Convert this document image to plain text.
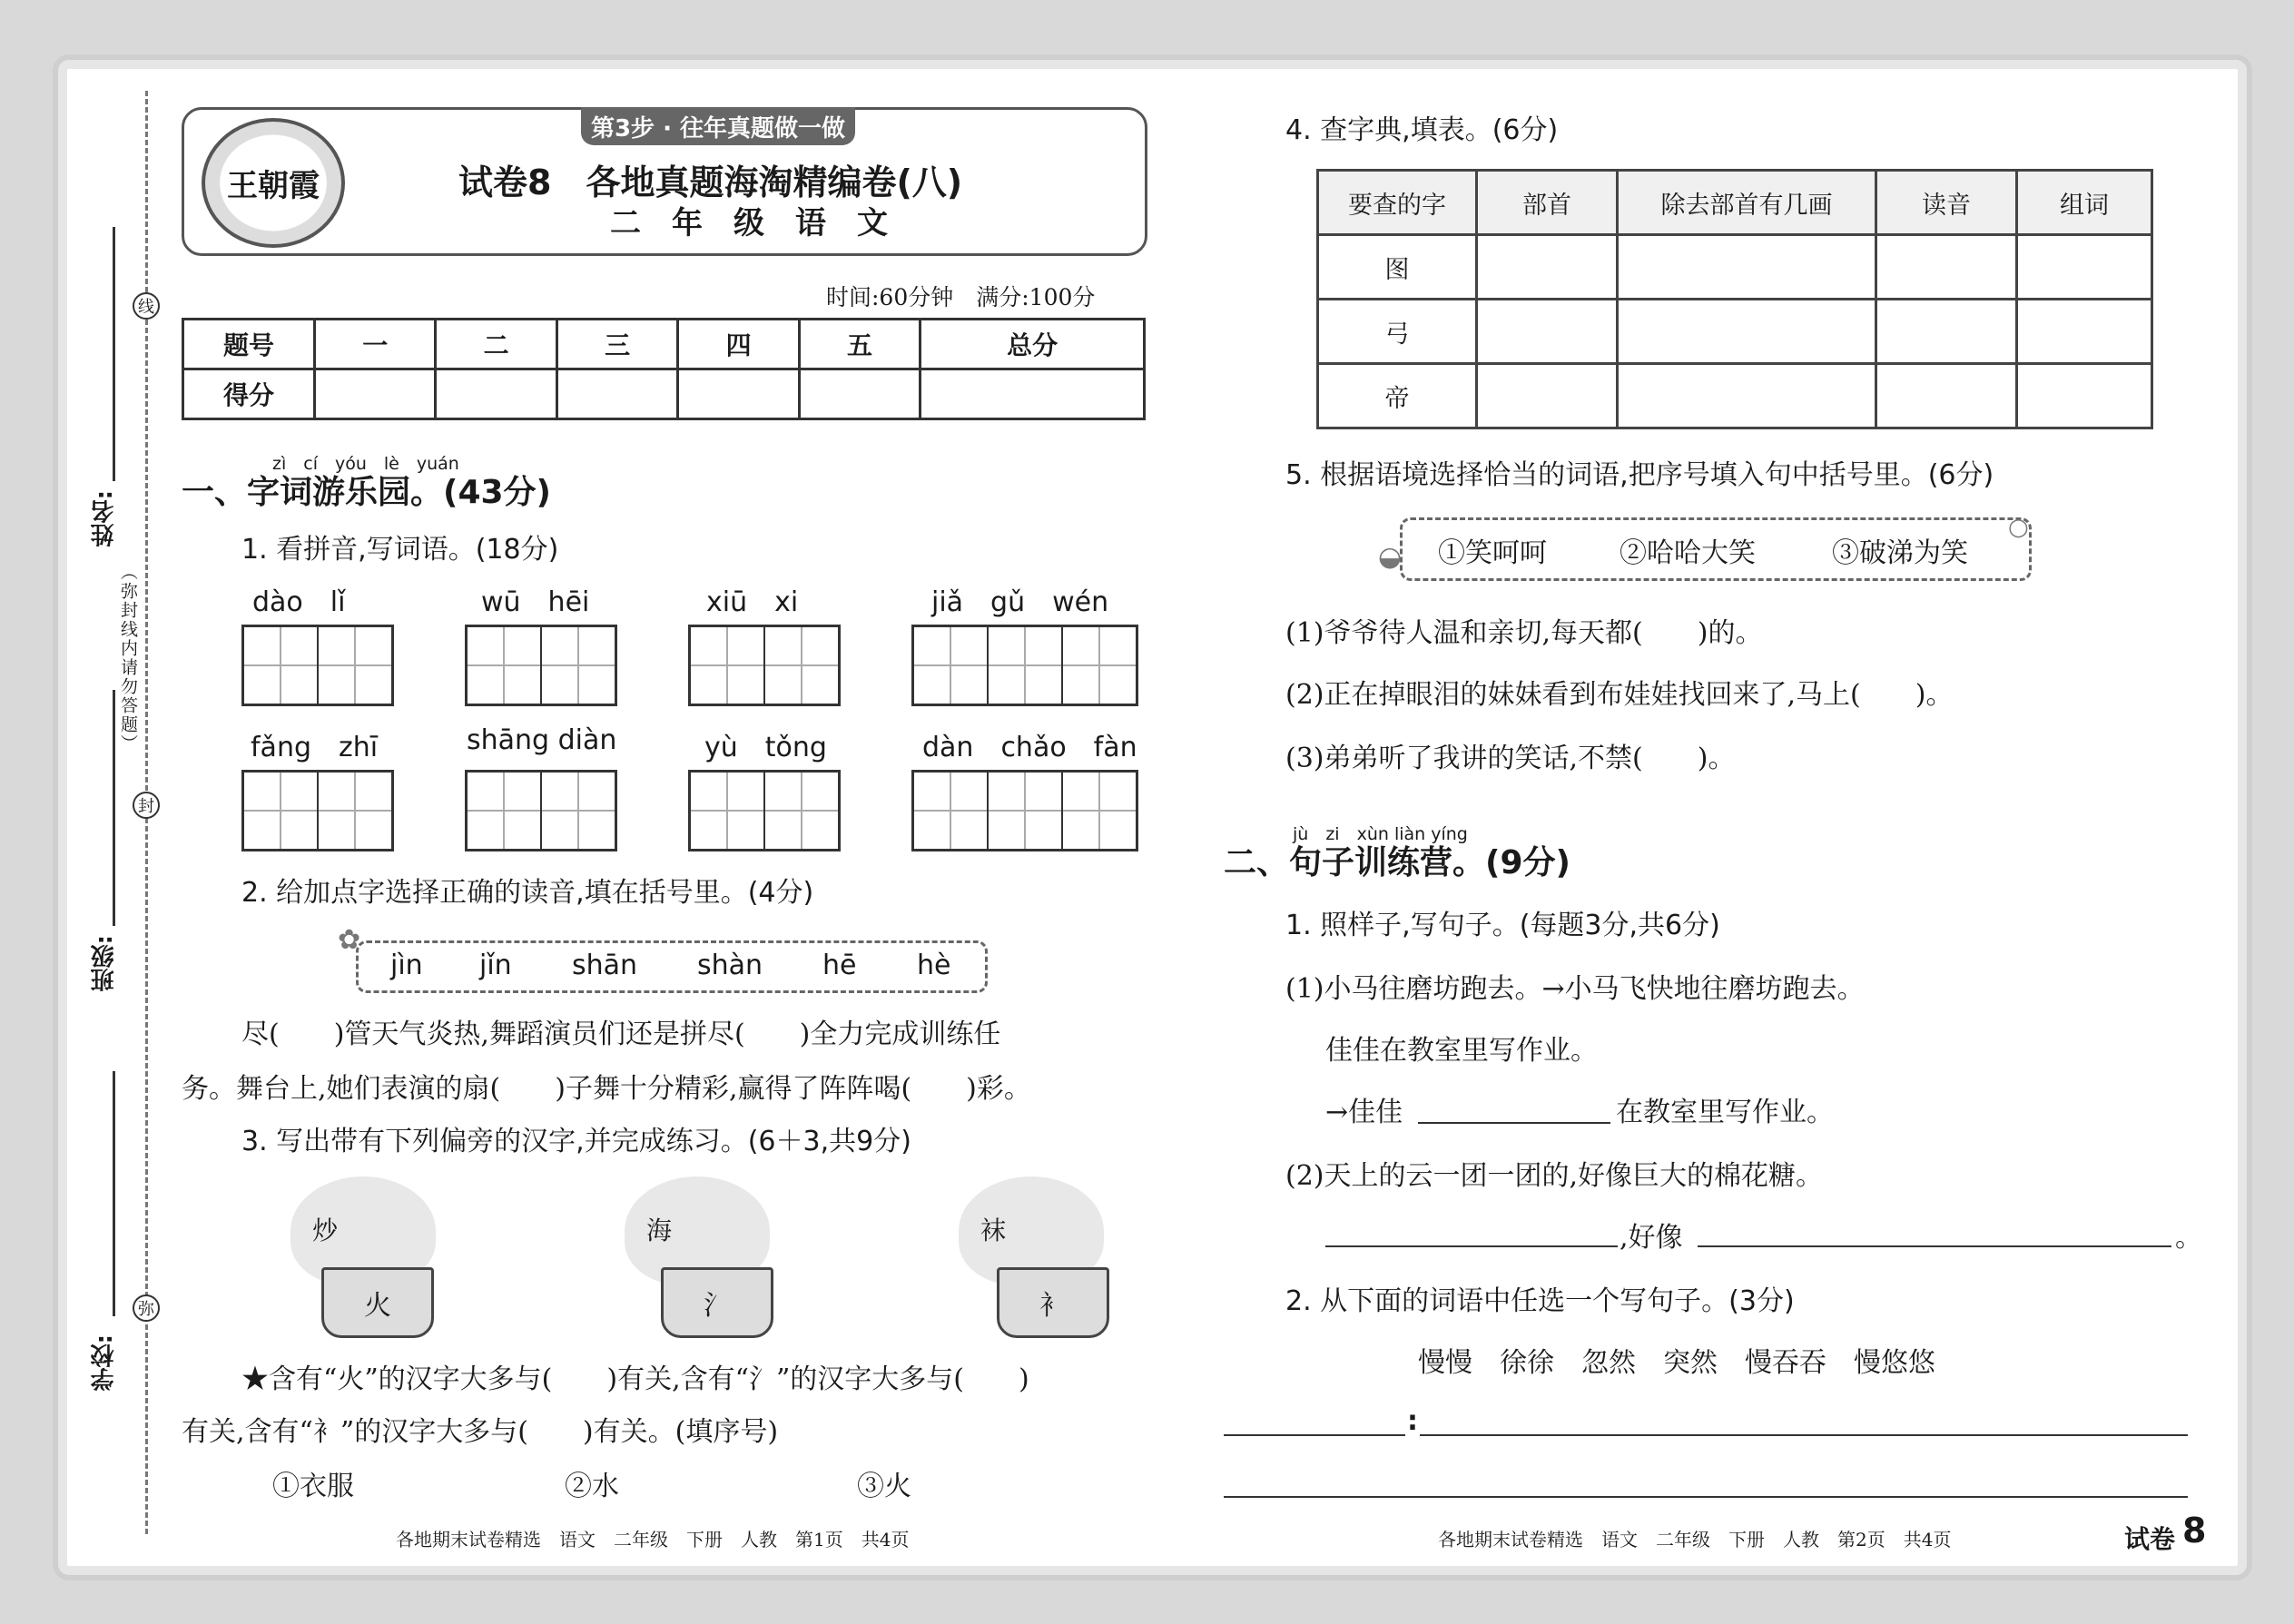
线
封
弥
（弥封线内请勿答题）
姓名:
班级:
学校:
第3步 · 往年真题做一做
王朝霞	试卷8　各地真题海淘精编卷(八)
二　年　级　语　文
时间:60分钟　满分:100分
题号	一	二	三	四	五	总分
得分						
zì　cí　yóu　lè　yuán
一、字词游乐园。(43分)
1. 看拼音,写词语。(18分)
dào　lǐ	wū　hēi	xiū　xi	jiǎ　gǔ　wén
fǎng　zhī	shāng diàn	yù　tǒng	dàn　chǎo　fàn
2. 给加点字选择正确的读音,填在括号里。(4分)
✿
jìn jǐn shān shàn hē hè
尽(　　)管天气炎热,舞蹈演员们还是拼尽(　　)全力完成训练任
务。舞台上,她们表演的扇(　　)子舞十分精彩,赢得了阵阵喝(　　)彩。
3. 写出带有下列偏旁的汉字,并完成练习。(6＋3,共9分)
炒
火
海
氵
袜
衤
★含有“火”的汉字大多与(　　)有关,含有“氵”的汉字大多与(　　)
有关,含有“衤”的汉字大多与(　　)有关。(填序号)
①衣服	②水	③火
各地期末试卷精选　语文　二年级　下册　人教　第1页　共4页
4. 查字典,填表。(6分)
要查的字	部首	除去部首有几画	读音	组词
图				
弓				
帝				
5. 根据语境选择恰当的词语,把序号填入句中括号里。(6分)
◒
○
①笑呵呵	②哈哈大笑	③破涕为笑
(1)爷爷待人温和亲切,每天都(　　)的。
(2)正在掉眼泪的妹妹看到布娃娃找回来了,马上(　　)。
(3)弟弟听了我讲的笑话,不禁(　　)。
jù　zi　xùn liàn yíng
二、句子训练营。(9分)
1. 照样子,写句子。(每题3分,共6分)
(1)小马往磨坊跑去。→小马飞快地往磨坊跑去。
佳佳在教室里写作业。
→佳佳	在教室里写作业。
(2)天上的云一团一团的,好像巨大的棉花糖。
,好像	。
2. 从下面的词语中任选一个写句子。(3分)
慢慢　徐徐　忽然　突然　慢吞吞　慢悠悠
:
各地期末试卷精选　语文　二年级　下册　人教　第2页　共4页	试卷 8
